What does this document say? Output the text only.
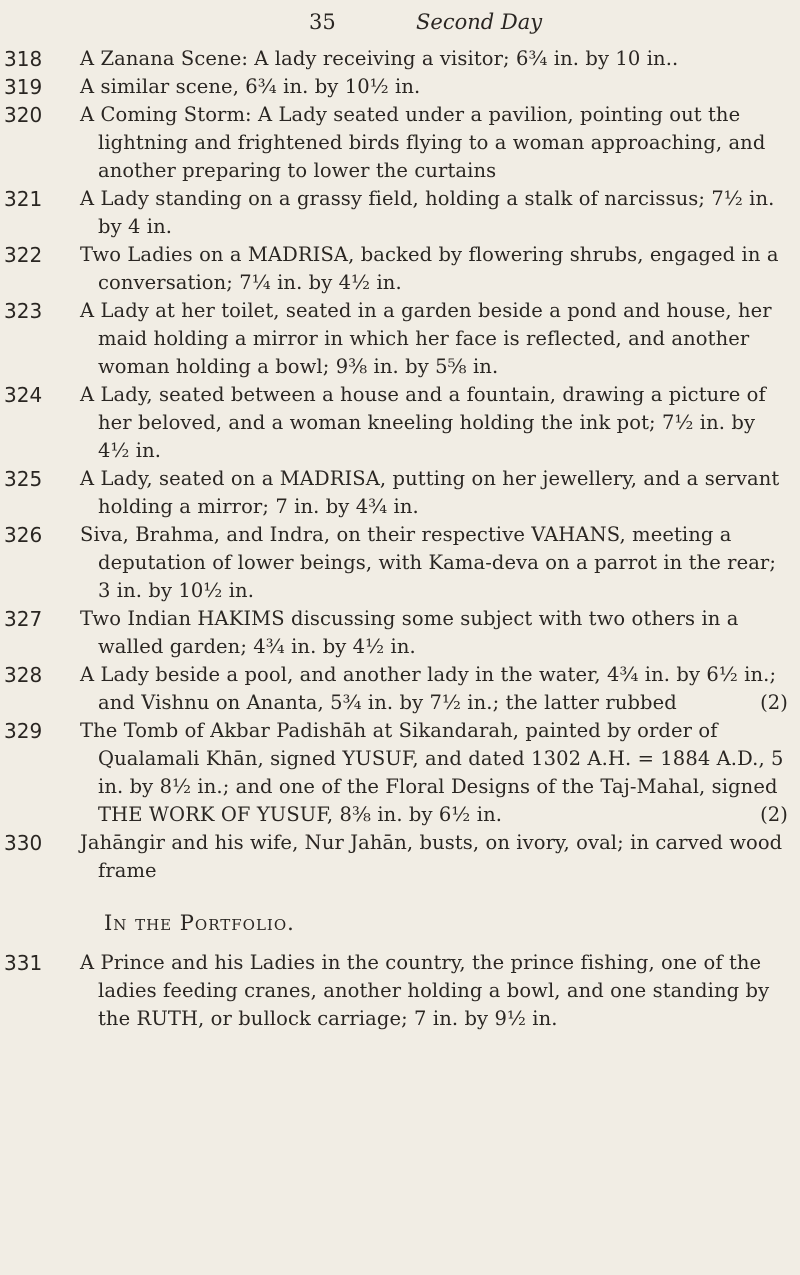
35	Second Day
318	A Zanana Scene: A lady receiving a visitor; 6¾ in. by 10 in..
319	A similar scene, 6¾ in. by 10½ in.
320	A Coming Storm: A Lady seated under a pavilion, pointing out the lightning and frightened birds flying to a woman approaching, and another preparing to lower the curtains
321	A Lady standing on a grassy field, holding a stalk of narcissus; 7½ in. by 4 in.
322	Two Ladies on a MADRISA, backed by flowering shrubs, engaged in a conversation; 7¼ in. by 4½ in.
323	A Lady at her toilet, seated in a garden beside a pond and house, her maid holding a mirror in which her face is reflected, and another woman holding a bowl; 9⅜ in. by 5⅝ in.
324	A Lady, seated between a house and a fountain, drawing a picture of her beloved, and a woman kneeling holding the ink pot; 7½ in. by 4½ in.
325	A Lady, seated on a MADRISA, putting on her jewellery, and a servant holding a mirror; 7 in. by 4¾ in.
326	Siva, Brahma, and Indra, on their respective VAHANS, meeting a deputation of lower beings, with Kama-deva on a parrot in the rear; 3 in. by 10½ in.
327	Two Indian HAKIMS discussing some subject with two others in a walled garden; 4¾ in. by 4½ in.
328	A Lady beside a pool, and another lady in the water, 4¾ in. by 6½ in.; and Vishnu on Ananta, 5¾ in. by 7½ in.; the latter rubbed	(2)
329	The Tomb of Akbar Padishāh at Sikandarah, painted by order of Qualamali Khān, signed YUSUF, and dated 1302 A.H. = 1884 A.D., 5 in. by 8½ in.; and one of the Floral Designs of the Taj-Mahal, signed THE WORK OF YUSUF, 8⅜ in. by 6½ in.	(2)
330	Jahāngir and his wife, Nur Jahān, busts, on ivory, oval; in carved wood frame
In the Portfolio.
331	A Prince and his Ladies in the country, the prince fishing, one of the ladies feeding cranes, another holding a bowl, and one standing by the RUTH, or bullock carriage; 7 in. by 9½ in.
